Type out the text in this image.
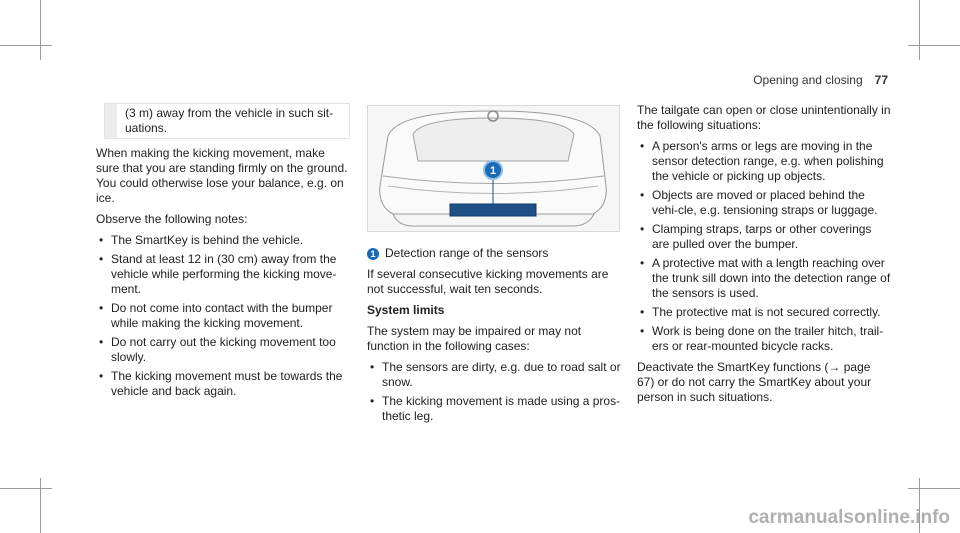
Opening and closing 77
(3 m) away from the vehicle in such sit-
uations.

When making the kicking movement, make sure that you are standing firmly on the ground. You could otherwise lose your balance, e.g. on ice.

Observe the following notes:

• The SmartKey is behind the vehicle.
• Stand at least 12 in (30 cm) away from the vehicle while performing the kicking move-ment.
• Do not come into contact with the bumper while making the kicking movement.
• Do not carry out the kicking movement too slowly.
• The kicking movement must be towards the vehicle and back again.
1

1 Detection range of the sensors

If several consecutive kicking movements are not successful, wait ten seconds.

System limits

The system may be impaired or may not function in the following cases:

• The sensors are dirty, e.g. due to road salt or snow.
• The kicking movement is made using a pros-thetic leg.

The tailgate can open or close unintentionally in the following situations:

• A person's arms or legs are moving in the sensor detection range, e.g. when polishing the vehicle or picking up objects.
• Objects are moved or placed behind the vehi-cle, e.g. tensioning straps or luggage.
• Clamping straps, tarps or other coverings are pulled over the bumper.
• A protective mat with a length reaching over the trunk sill down into the detection range of the sensors is used.
• The protective mat is not secured correctly.
• Work is being done on the trailer hitch, trail-ers or rear-mounted bicycle racks.

Deactivate the SmartKey functions (→ page 67) or do not carry the SmartKey about your person in such situations.

carmanualsonline.info
